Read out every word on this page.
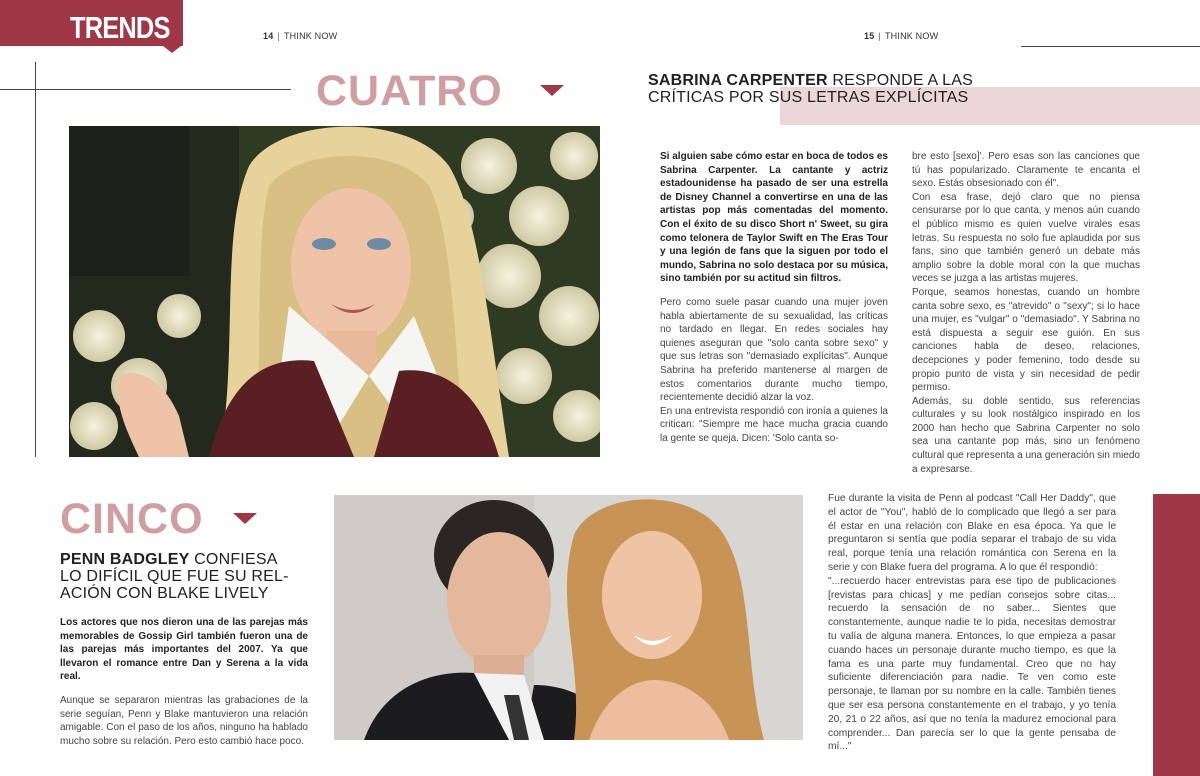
TRENDS	14 | THINK NOW	15 | THINK NOW
CUATRO	SABRINA CARPENTER RESPONDE A LAS
CRÍTICAS POR SUS LETRAS EXPLÍCITAS

Si alguien sabe cómo estar en boca de todos es Sabrina Carpenter. La cantante y actriz estadounidense ha pasado de ser una estrella de Disney Channel a convertirse en una de las artistas pop más comentadas del momento. Con el éxito de su disco Short n' Sweet, su gira como telonera de Taylor Swift en The Eras Tour y una legión de fans que la siguen por todo el mundo, Sabrina no solo destaca por su música, sino también por su actitud sin filtros.

Pero como suele pasar cuando una mujer joven habla abiertamente de su sexualidad, las críticas no tardado en llegar. En redes sociales hay quienes aseguran que "solo canta sobre sexo" y que sus letras son "demasiado explícitas". Aunque Sabrina ha preferido mantenerse al margen de estos comentarios durante mucho tiempo, recientemente decidió alzar la voz.

En una entrevista respondió con ironía a quienes la critican: "Siempre me hace mucha gracia cuando la gente se queja. Dicen: 'Solo canta so-

bre esto [sexo]'. Pero esas son las canciones que tú has popularizado. Claramente te encanta el sexo. Estás obsesionado con él".

Con esa frase, dejó claro que no piensa censurarse por lo que canta, y menos aún cuando el público mismo es quien vuelve virales esas letras. Su respuesta no solo fue aplaudida por sus fans, sino que también generó un debate más amplio sobre la doble moral con la que muchas veces se juzga a las artistas mujeres.

Porque, seamos honestas, cuando un hombre canta sobre sexo, es "atrevido" o "sexy"; si lo hace una mujer, es "vulgar" o "demasiado". Y Sabrina no está dispuesta a seguir ese guión. En sus canciones habla de deseo, relaciones, decepciones y poder femenino, todo desde su propio punto de vista y sin necesidad de pedir permiso.

Además, su doble sentido, sus referencias culturales y su look nostálgico inspirado en los 2000 han hecho que Sabrina Carpenter no solo sea una cantante pop más, sino un fenómeno cultural que representa a una generación sin miedo a expresarse.

CINCO
PENN BADGLEY CONFIESA
LO DIFÍCIL QUE FUE SU REL-
ACIÓN CON BLAKE LIVELY

Los actores que nos dieron una de las parejas más memorables de Gossip Girl también fueron una de las parejas más importantes del 2007. Ya que llevaron el romance entre Dan y Serena a la vida real.

Aunque se separaron mientras las grabaciones de la serie seguían, Penn y Blake mantuvieron una relación amigable. Con el paso de los años, ninguno ha hablado mucho sobre su relación. Pero esto cambió hace poco.

Fue durante la visita de Penn al podcast "Call Her Daddy", que el actor de "You", habló de lo complicado que llegó a ser para él estar en una relación con Blake en esa época. Ya que le preguntaron si sentía que podía separar el trabajo de su vida real, porque tenía una relación romántica con Serena en la serie y con Blake fuera del programa. A lo que él respondió:

"...recuerdo hacer entrevistas para ese tipo de publicaciones [revistas para chicas] y me pedían consejos sobre citas... recuerdo la sensación de no saber... Sientes que constantemente, aunque nadie te lo pida, necesitas demostrar tu valía de alguna manera. Entonces, lo que empieza a pasar cuando haces un personaje durante mucho tiempo, es que la fama es una parte muy fundamental. Creo que no hay suficiente diferenciación para nadie. Te ven como este personaje, te llaman por su nombre en la calle. También tienes que ser esa persona constantemente en el trabajo, y yo tenía 20, 21 o 22 años, así que no tenía la madurez emocional para comprender... Dan parecía ser lo que la gente pensaba de mí..."
